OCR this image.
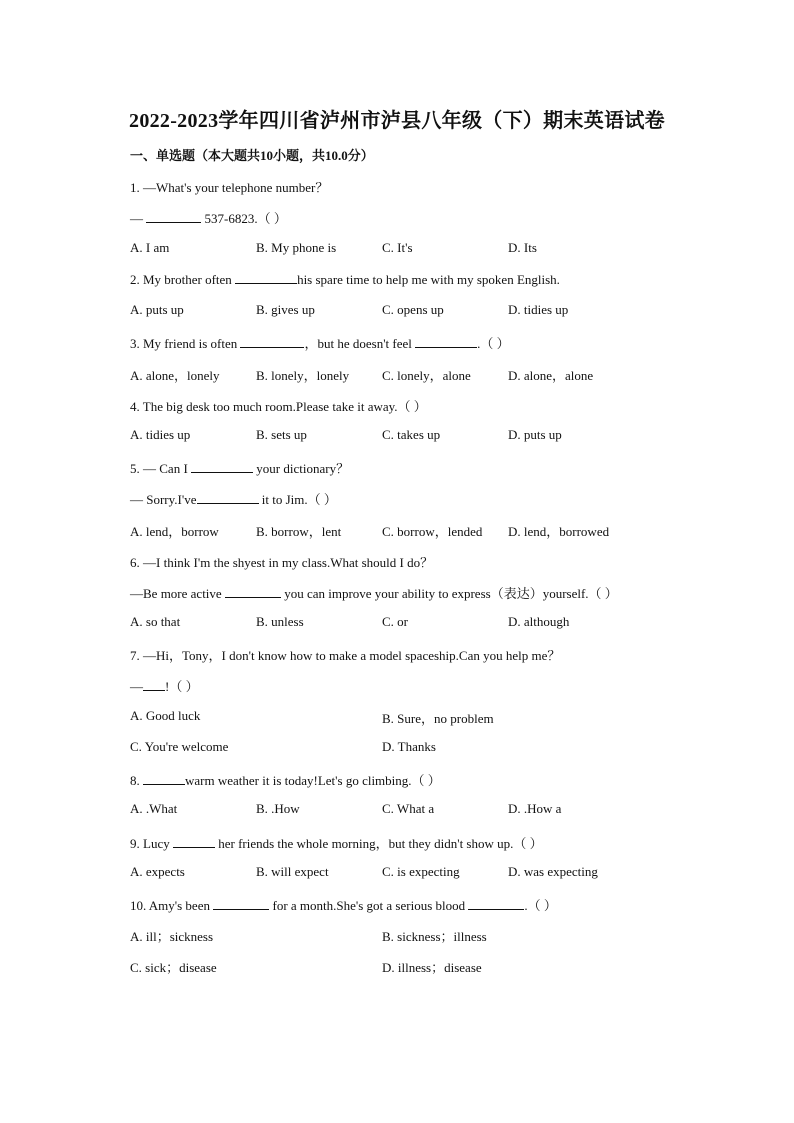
2022-2023学年四川省泸州市泸县八年级（下）期末英语试卷
一、单选题（本大题共10小题，共10.0分）
1. —What's your telephone number？
—	537-6823.（ ）
A. I am	B. My phone is	C. It's	D. Its
2. My brother often	his spare time to help me with my spoken English.
A. puts up	B. gives up	C. opens up	D. tidies up
3. My friend is often	，but he doesn't feel	.（ ）
A. alone，lonely	B. lonely，lonely	C. lonely，alone	D. alone，alone
4. The big desk too much room.Please take it away.（ ）
A. tidies up	B. sets up	C. takes up	D. puts up
5. — Can I	your dictionary？
— Sorry.I've	it to Jim.（ ）
A. lend，borrow	B. borrow，lent	C. borrow，lended D. lend，borrowed
6. —I think I'm the shyest in my class.What should I do？
—Be more active	you can improve your ability to express（表达）yourself.（ ）
A. so that	B. unless	C. or	D. although
7. —Hi，Tony，I don't know how to make a model spaceship.Can you help me？
— !（ ）
A. Good luck	B. Sure，no problem
C. You're welcome	D. Thanks
8.	warm weather it is today!Let's go climbing.（ ）
A. .What	B. .How	C. What a	D. .How a
9. Lucy	her friends the whole morning，but they didn't show up.（ ）
A. expects	B. will expect	C. is expecting	D. was expecting
10. Amy's been	for a month.She's got a serious blood	.（ ）
A. ill；sickness	B. sickness；illness
C. sick；disease	D. illness；disease
